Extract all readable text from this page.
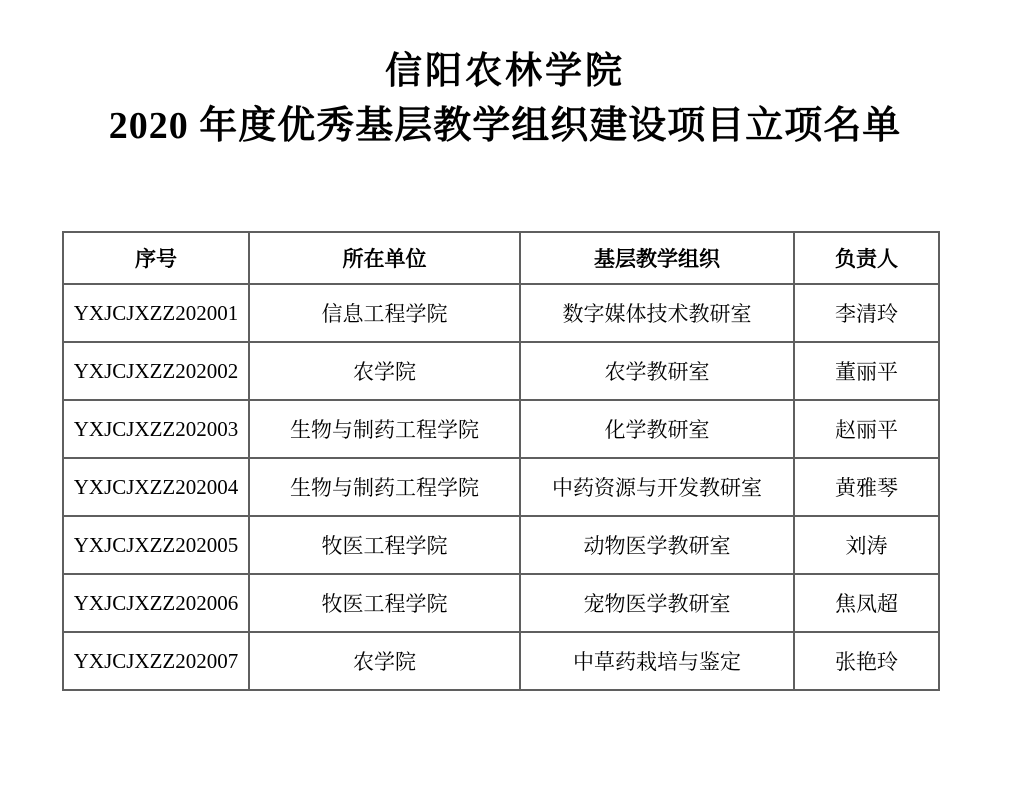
信阳农林学院
2020 年度优秀基层教学组织建设项目立项名单
序号	所在单位	基层教学组织	负责人
YXJCJXZZ202001	信息工程学院	数字媒体技术教研室	李清玲
YXJCJXZZ202002	农学院	农学教研室	董丽平
YXJCJXZZ202003	生物与制药工程学院	化学教研室	赵丽平
YXJCJXZZ202004	生物与制药工程学院	中药资源与开发教研室	黄雅琴
YXJCJXZZ202005	牧医工程学院	动物医学教研室	刘涛
YXJCJXZZ202006	牧医工程学院	宠物医学教研室	焦凤超
YXJCJXZZ202007	农学院	中草药栽培与鉴定	张艳玲
